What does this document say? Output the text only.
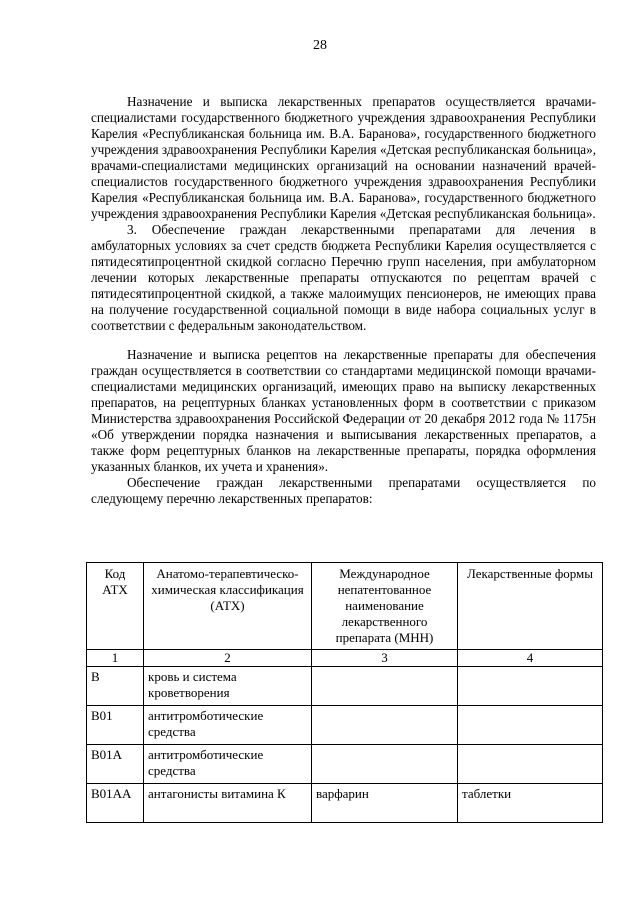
28

Назначение и выписка лекарственных препаратов осуществляется врачами-специалистами государственного бюджетного учреждения здравоохранения Республики Карелия «Республиканская больница им. В.А. Баранова», государственного бюджетного учреждения здравоохранения Республики Карелия «Детская республиканская больница», врачами-специалистами медицинских организаций на основании назначений врачей-специалистов государственного бюджетного учреждения здравоохранения Республики Карелия «Республиканская больница им. В.А. Баранова», государственного бюджетного учреждения здравоохранения Республики Карелия «Детская республиканская больница».

3. Обеспечение граждан лекарственными препаратами для лечения в амбулаторных условиях за счет средств бюджета Республики Карелия осуществляется с пятидесятипроцентной скидкой согласно Перечню групп населения, при амбулаторном лечении которых лекарственные препараты отпускаются по рецептам врачей с пятидесятипроцентной скидкой, а также малоимущих пенсионеров, не имеющих права на получение государственной социальной помощи в виде набора социальных услуг в соответствии с федеральным законодательством.

Назначение и выписка рецептов на лекарственные препараты для обеспечения граждан осуществляется в соответствии со стандартами медицинской помощи врачами-специалистами медицинских организаций, имеющих право на выписку лекарственных препаратов, на рецептурных бланках установленных форм в соответствии с приказом Министерства здравоохранения Российской Федерации от 20 декабря 2012 года № 1175н «Об утверждении порядка назначения и выписывания лекарственных препаратов, а также форм рецептурных бланков на лекарственные препараты, порядка оформления указанных бланков, их учета и хранения».

Обеспечение граждан лекарственными препаратами осуществляется по следующему перечню лекарственных препаратов:

Код АТХ	Анатомо-терапевтическо-химическая классификация (АТХ)	Международное непатентованное наименование лекарственного препарата (МНН)	Лекарственные формы
1	2	3	4
B	кровь и система кроветворения		
B01	антитромботические средства		
B01A	антитромботические средства		
B01AA	антагонисты витамина К	варфарин	таблетки
